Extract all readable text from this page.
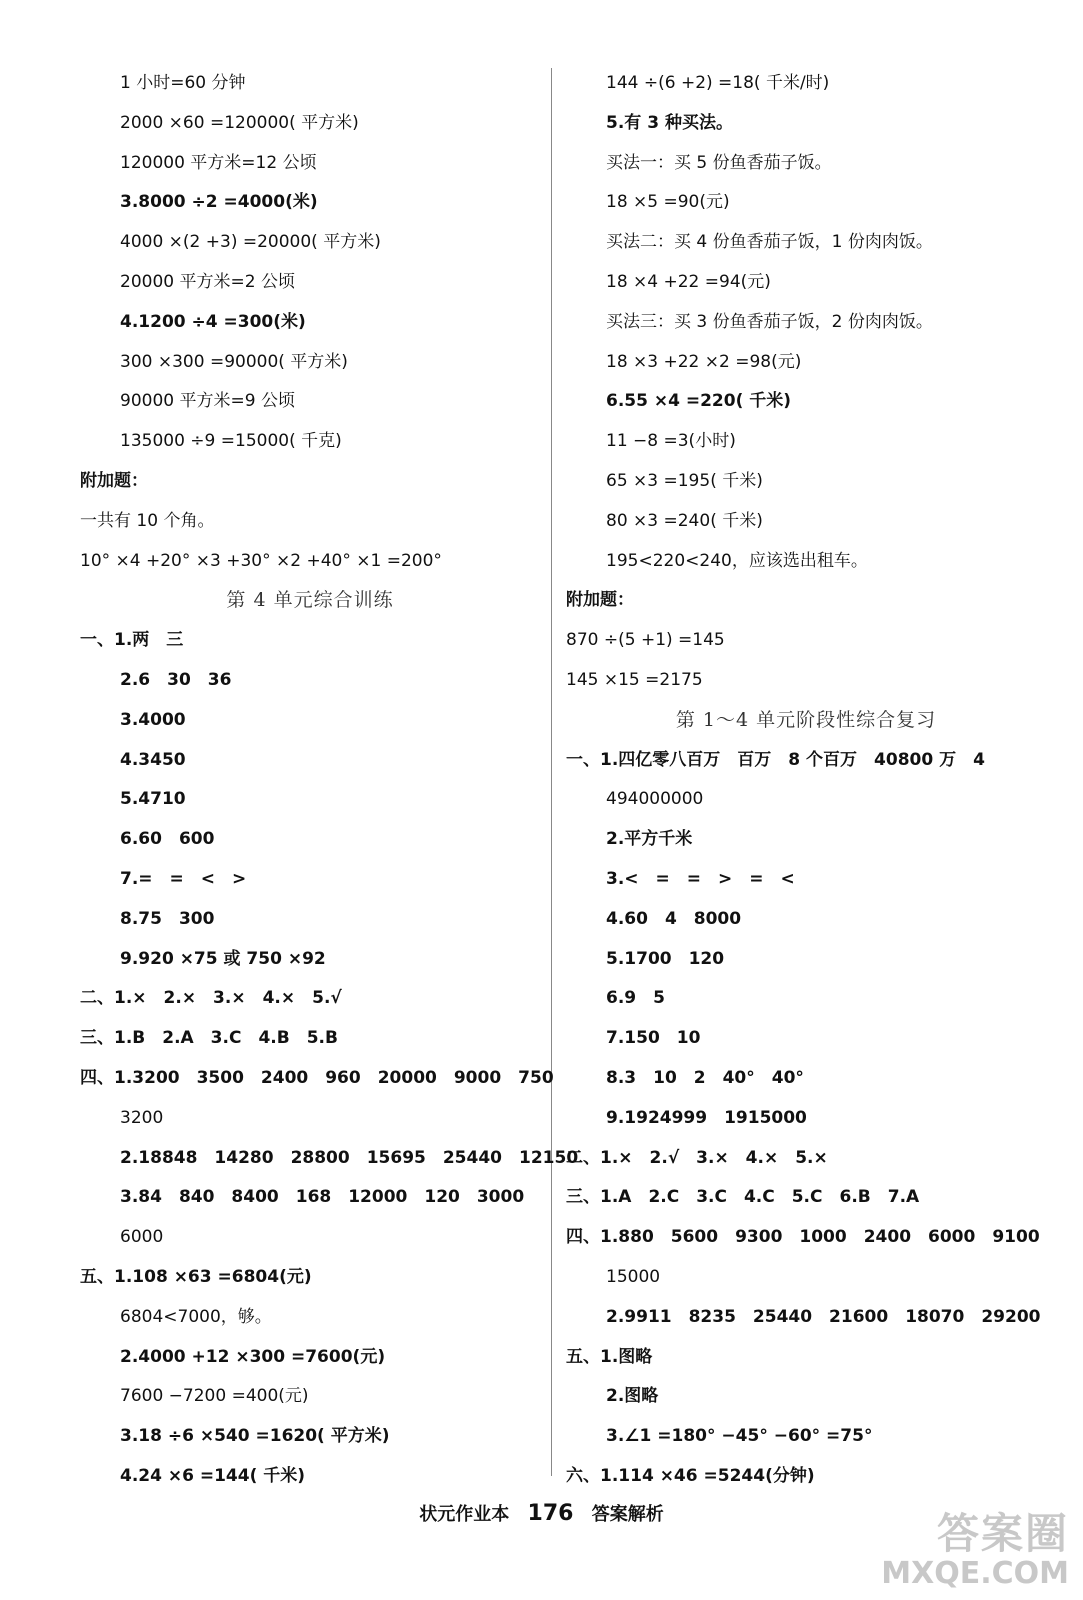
1 小时=60 分钟
2000 ×60 =120000( 平方米)
120000 平方米=12 公顷
3.8000 ÷2 =4000(米)
4000 ×(2 +3) =20000( 平方米)
20000 平方米=2 公顷
4.1200 ÷4 =300(米)
300 ×300 =90000( 平方米)
90000 平方米=9 公顷
135000 ÷9 =15000( 千克)
附加题：
一共有 10 个角。
10° ×4 +20° ×3 +30° ×2 +40° ×1 =200°
第 4 单元综合训练
一、1.两　三
2.6　30　36
3.4000
4.3450
5.4710
6.60　600
7.=　=　<　>
8.75　300
9.920 ×75 或 750 ×92
二、1.×　2.×　3.×　4.×　5.√
三、1.B　2.A　3.C　4.B　5.B
四、1.3200　3500　2400　960　20000　9000　750
3200
2.18848　14280　28800　15695　25440　12150
3.84　840　8400　168　12000　120　3000
6000
五、1.108 ×63 =6804(元)
6804<7000，够。
2.4000 +12 ×300 =7600(元)
7600 −7200 =400(元)
3.18 ÷6 ×540 =1620( 平方米)
4.24 ×6 =144( 千米)
144 ÷(6 +2) =18( 千米/时)
5.有 3 种买法。
买法一：买 5 份鱼香茄子饭。
18 ×5 =90(元)
买法二：买 4 份鱼香茄子饭，1 份肉肉饭。
18 ×4 +22 =94(元)
买法三：买 3 份鱼香茄子饭，2 份肉肉饭。
18 ×3 +22 ×2 =98(元)
6.55 ×4 =220( 千米)
11 −8 =3(小时)
65 ×3 =195( 千米)
80 ×3 =240( 千米)
195<220<240，应该选出租车。
附加题：
870 ÷(5 +1) =145
145 ×15 =2175
第 1～4 单元阶段性综合复习
一、1.四亿零八百万　百万　8 个百万　40800 万　4
494000000
2.平方千米
3.<　=　=　>　=　<
4.60　4　8000
5.1700　120
6.9　5
7.150　10
8.3　10　2　40°　40°
9.1924999　1915000
二、1.×　2.√　3.×　4.×　5.×
三、1.A　2.C　3.C　4.C　5.C　6.B　7.A
四、1.880　5600　9300　1000　2400　6000　9100
15000
2.9911　8235　25440　21600　18070　29200
五、1.图略
2.图略
3.∠1 =180° −45° −60° =75°
六、1.114 ×46 =5244(分钟)
状元作业本 176 答案解析	答案圈
MXQE.COM
